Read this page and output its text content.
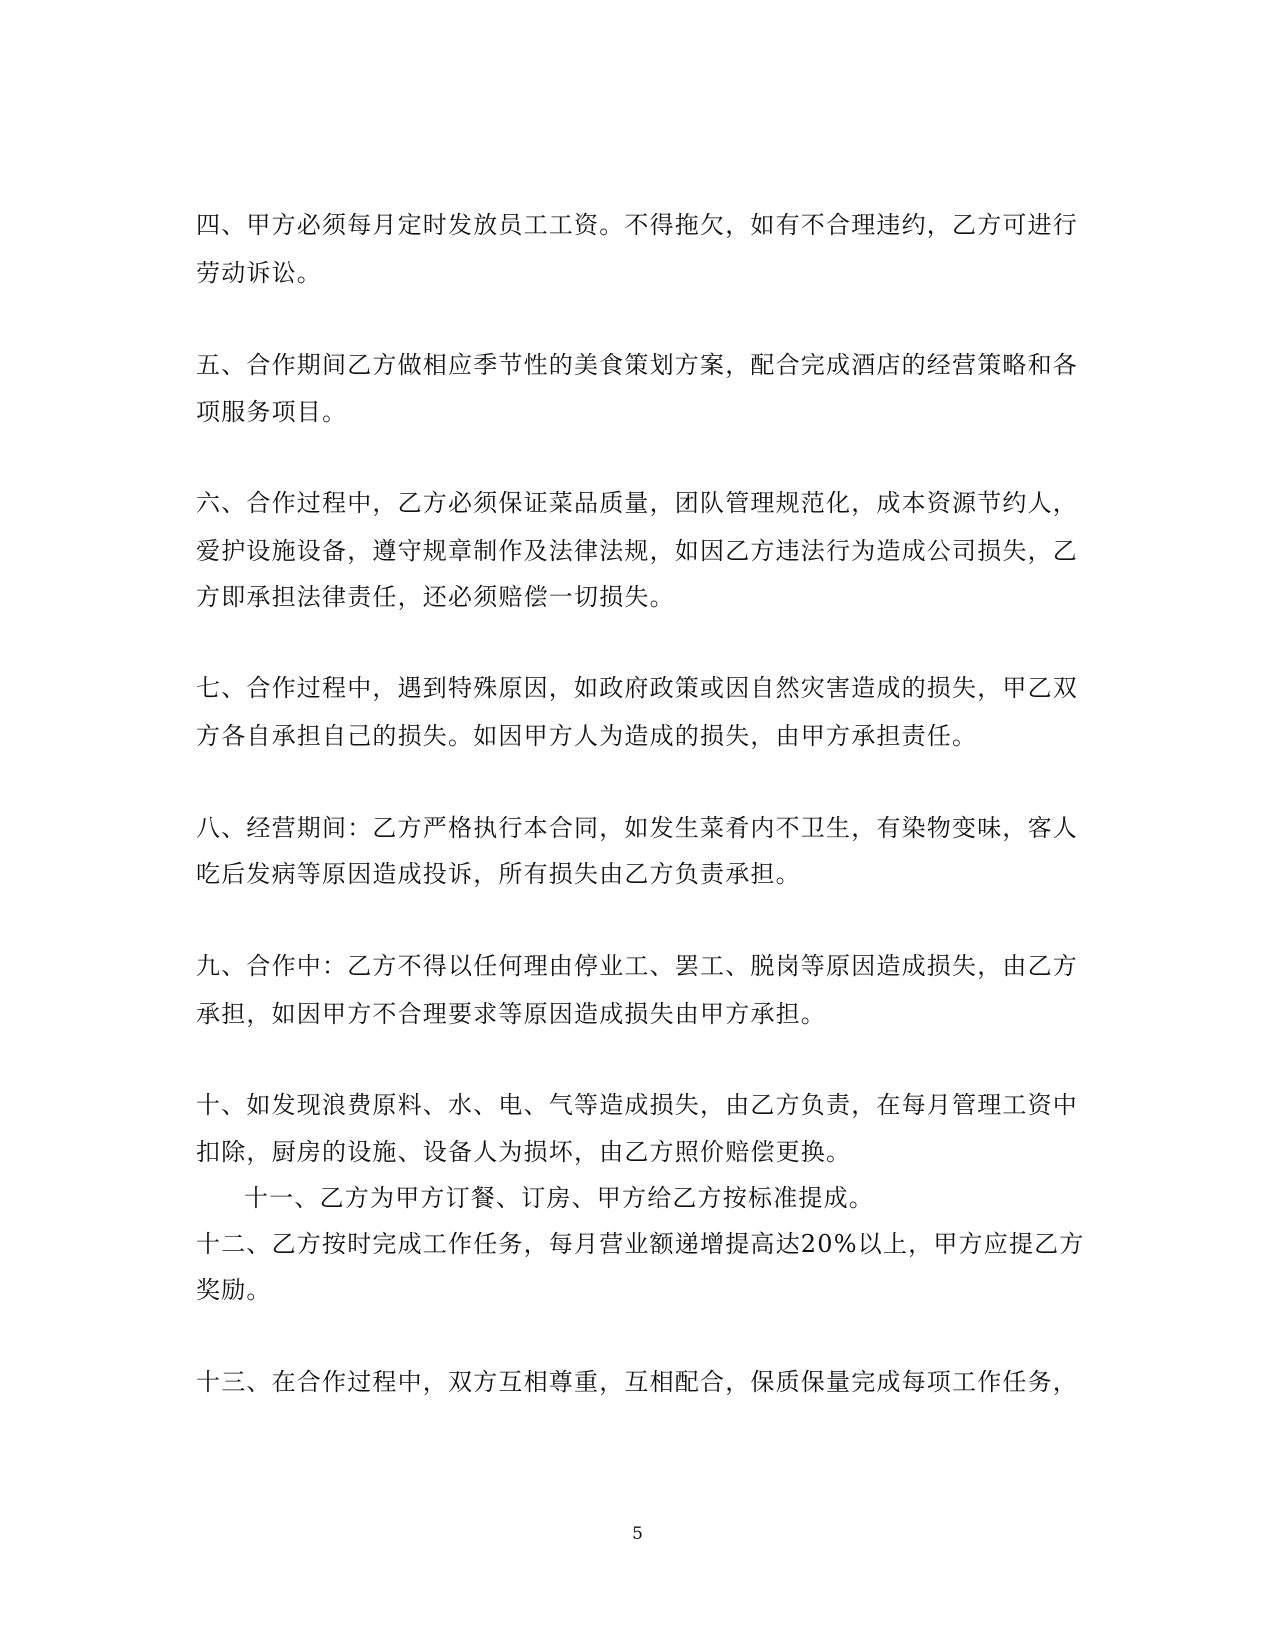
四、甲方必须每月定时发放员工工资。不得拖欠，如有不合理违约，乙方可进行
劳动诉讼。
五、合作期间乙方做相应季节性的美食策划方案，配合完成酒店的经营策略和各
项服务项目。
六、合作过程中，乙方必须保证菜品质量，团队管理规范化，成本资源节约人，
爱护设施设备，遵守规章制作及法律法规，如因乙方违法行为造成公司损失，乙
方即承担法律责任，还必须赔偿一切损失。
七、合作过程中，遇到特殊原因，如政府政策或因自然灾害造成的损失，甲乙双
方各自承担自己的损失。如因甲方人为造成的损失，由甲方承担责任。
八、经营期间：乙方严格执行本合同，如发生菜肴内不卫生，有染物变味，客人
吃后发病等原因造成投诉，所有损失由乙方负责承担。
九、合作中：乙方不得以任何理由停业工、罢工、脱岗等原因造成损失，由乙方
承担，如因甲方不合理要求等原因造成损失由甲方承担。
十、如发现浪费原料、水、电、气等造成损失，由乙方负责，在每月管理工资中
扣除，厨房的设施、设备人为损坏，由乙方照价赔偿更换。
十一、乙方为甲方订餐、订房、甲方给乙方按标准提成。
十二、乙方按时完成工作任务，每月营业额递增提高达20%以上，甲方应提乙方
奖励。
十三、在合作过程中，双方互相尊重，互相配合，保质保量完成每项工作任务，
5
